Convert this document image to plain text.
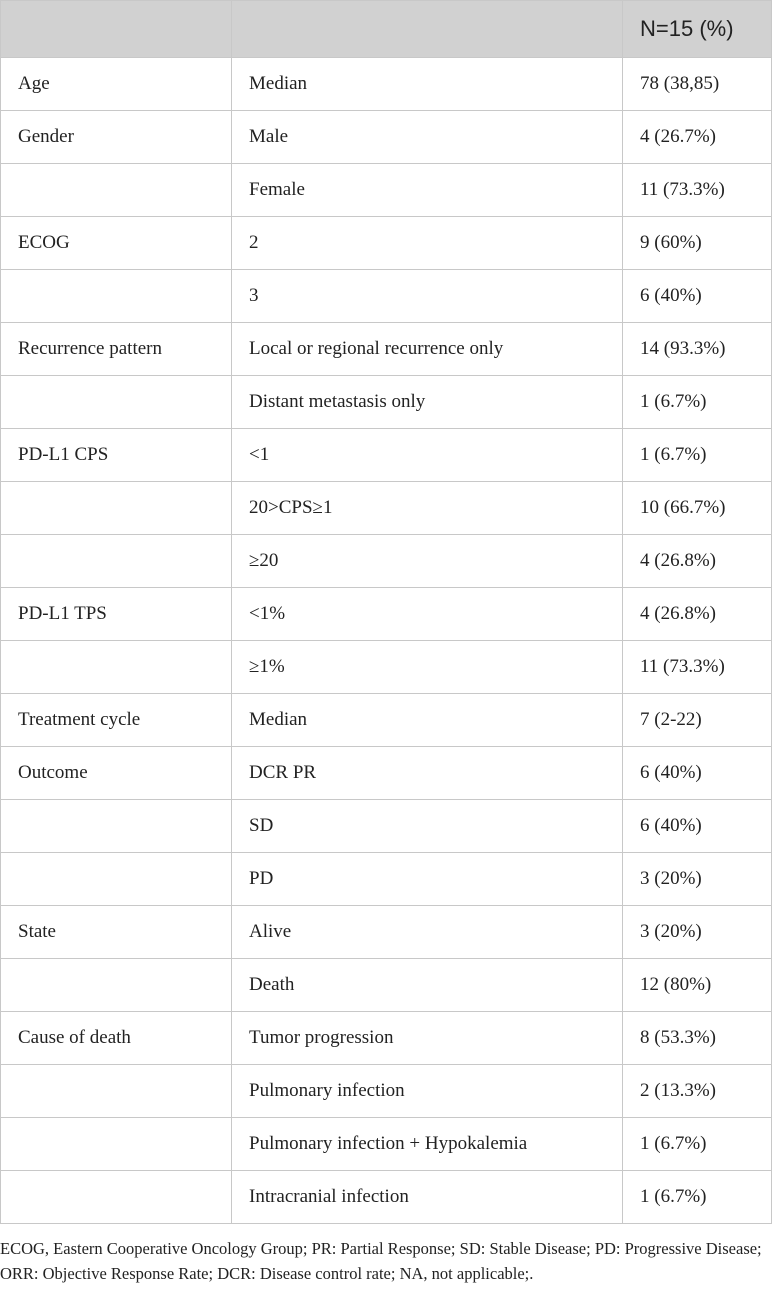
		N=15 (%)
Age	Median	78 (38,85)
Gender	Male	4 (26.7%)
	Female	11 (73.3%)
ECOG	2	9 (60%)
	3	6 (40%)
Recurrence pattern	Local or regional recurrence only	14 (93.3%)
	Distant metastasis only	1 (6.7%)
PD-L1 CPS	<1	1 (6.7%)
	20>CPS≥1	10 (66.7%)
	≥20	4 (26.8%)
PD-L1 TPS	<1%	4 (26.8%)
	≥1%	11 (73.3%)
Treatment cycle	Median	7 (2-22)
Outcome	DCR PR	6 (40%)
	SD	6 (40%)
	PD	3 (20%)
State	Alive	3 (20%)
	Death	12 (80%)
Cause of death	Tumor progression	8 (53.3%)
	Pulmonary infection	2 (13.3%)
	Pulmonary infection + Hypokalemia	1 (6.7%)
	Intracranial infection	1 (6.7%)

ECOG, Eastern Cooperative Oncology Group; PR: Partial Response; SD: Stable Disease; PD: Progressive Disease; ORR: Objective Response Rate; DCR: Disease control rate; NA, not applicable;.
